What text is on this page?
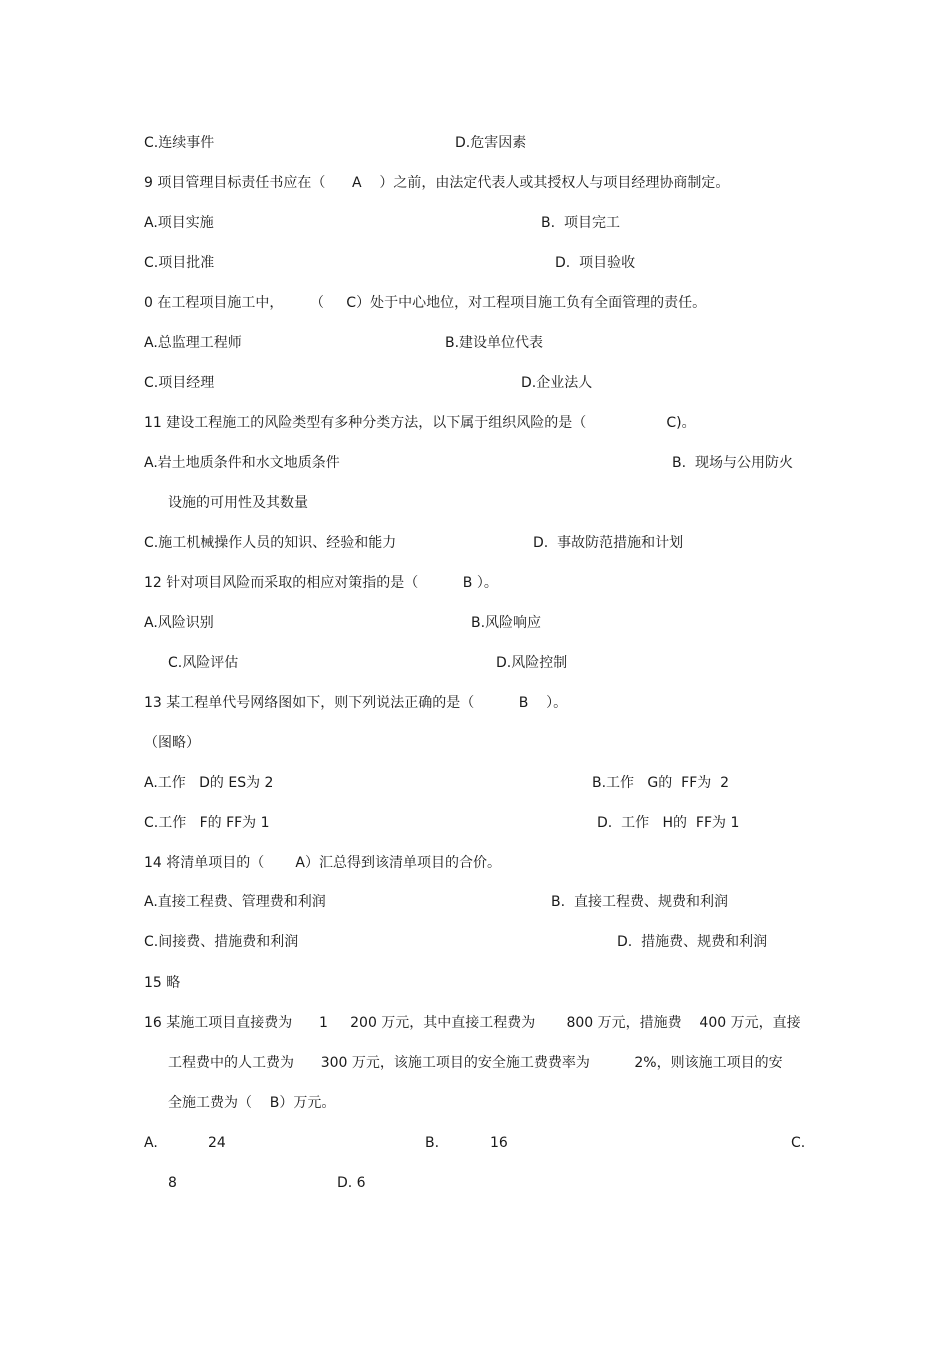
C.连续事件	D.危害因素
9 项目管理目标责任书应在（      A    ）之前，由法定代表人或其授权人与项目经理协商制定。
A.项目实施	B.  项目完工
C.项目批准	D.  项目验收
0 在工程项目施工中，      （     C）处于中心地位，对工程项目施工负有全面管理的责任。
A.总监理工程师	B.建设单位代表
C.项目经理	D.企业法人
11 建设工程施工的风险类型有多种分类方法，以下属于组织风险的是（                  C)。
A.岩土地质条件和水文地质条件	B.  现场与公用防火
设施的可用性及其数量
C.施工机械操作人员的知识、经验和能力	D.  事故防范措施和计划
12 针对项目风险而采取的相应对策指的是（          B ）。
A.风险识别	B.风险响应
C.风险评估	D.风险控制
13 某工程单代号网络图如下，则下列说法正确的是（          B    ）。
（图略）
A.工作   D的 ES为 2	B.工作   G的  FF为  2
C.工作   F的 FF为 1	D.  工作   H的  FF为 1
14 将清单项目的（       A）汇总得到该清单项目的合价。
A.直接工程费、管理费和利润	B.  直接工程费、规费和利润
C.间接费、措施费和利润	D.  措施费、规费和利润
15 略
16 某施工项目直接费为      1     200 万元，其中直接工程费为       800 万元，措施费    400 万元，直接
工程费中的人工费为      300 万元，该施工项目的安全施工费费率为          2%，则该施工项目的安
全施工费为（    B）万元。
A.	24	B.	16	C.
8	D. 6
